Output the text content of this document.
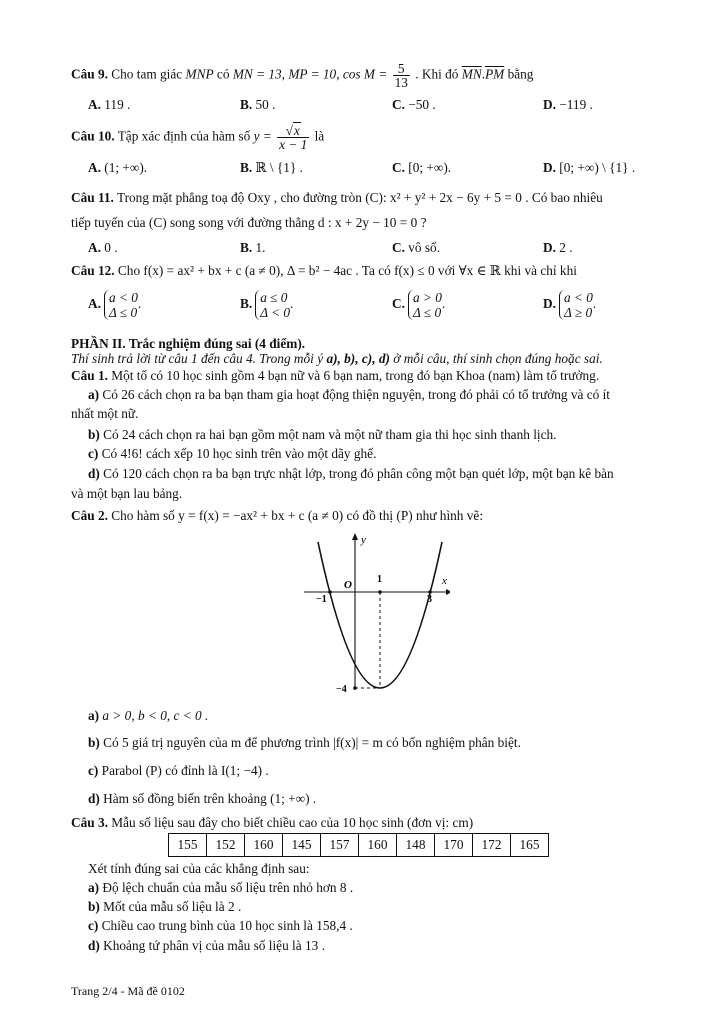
Câu 9. Cho tam giác MNP có MN = 13, MP = 10, $\cos M = \frac{5}{13}$ . Khi đó $\overline{MN}.\overline{PM}$ bằng
A. 119 .	B. 50 .	C. −50 .	D. −119 .
Câu 10. Tập xác định của hàm số $y = \frac{√x}{x - 1}$ là
A. (1; +∞).	B. ℝ \ {1} .	C. [0; +∞).	D. [0; +∞) \ {1} .
Câu 11. Trong mặt phẳng toạ độ Oxy , cho đường tròn (C): x² + y² + 2x − 6y + 5 = 0 . Có bao nhiêu
tiếp tuyến của (C) song song với đường thẳng d : x + 2y − 10 = 0 ?
A. 0 .	B. 1.	C. vô số.	D. 2 .
Câu 12. Cho f(x) = ax² + bx + c (a ≠ 0), Δ = b² − 4ac . Ta có f(x) ≤ 0 với ∀x ∈ ℝ khi và chỉ khi
A. a < 0
Δ ≤ 0
.	B. a ≤ 0
Δ < 0
.	C. a > 0
Δ ≤ 0
.	D. a < 0
Δ ≥ 0
.
PHẦN II. Trắc nghiệm đúng sai (4 điểm).
Thí sinh trả lời từ câu 1 đến câu 4. Trong mỗi ý a), b), c), d) ở mỗi câu, thí sinh chọn đúng hoặc sai.
Câu 1. Một tổ có 10 học sinh gồm 4 bạn nữ và 6 bạn nam, trong đó bạn Khoa (nam) làm tổ trưởng.
a) Có 26 cách chọn ra ba bạn tham gia hoạt động thiện nguyện, trong đó phải có tổ trưởng và có ít
nhất một nữ.
b) Có 24 cách chọn ra hai bạn gồm một nam và một nữ tham gia thi học sinh thanh lịch.
c) Có 4!6! cách xếp 10 học sinh trên vào một dãy ghế.
d) Có 120 cách chọn ra ba bạn trực nhật lớp, trong đó phân công một bạn quét lớp, một bạn kê bàn
và một bạn lau bảng.
Câu 2. Cho hàm số y = f(x) = −ax² + bx + c (a ≠ 0) có đồ thị (P) như hình vẽ:
y
x
O	1
−1	3
−4
a) a > 0, b < 0, c < 0 .
b) Có 5 giá trị nguyên của m để phương trình |f(x)| = m có bốn nghiệm phân biệt.
c) Parabol (P) có đỉnh là I(1; −4) .
d) Hàm số đồng biến trên khoảng (1; +∞) .
Câu 3. Mẫu số liệu sau đây cho biết chiều cao của 10 học sinh (đơn vị: cm)
155	152	160	145	157	160	148	170	172	165
Xét tính đúng sai của các khẳng định sau:
a) Độ lệch chuẩn của mẫu số liệu trên nhỏ hơn 8 .
b) Mốt của mẫu số liệu là 2 .
c) Chiều cao trung bình của 10 học sinh là 158,4 .
d) Khoảng tứ phân vị của mẫu số liệu là 13 .
Trang 2/4 - Mã đề 0102
